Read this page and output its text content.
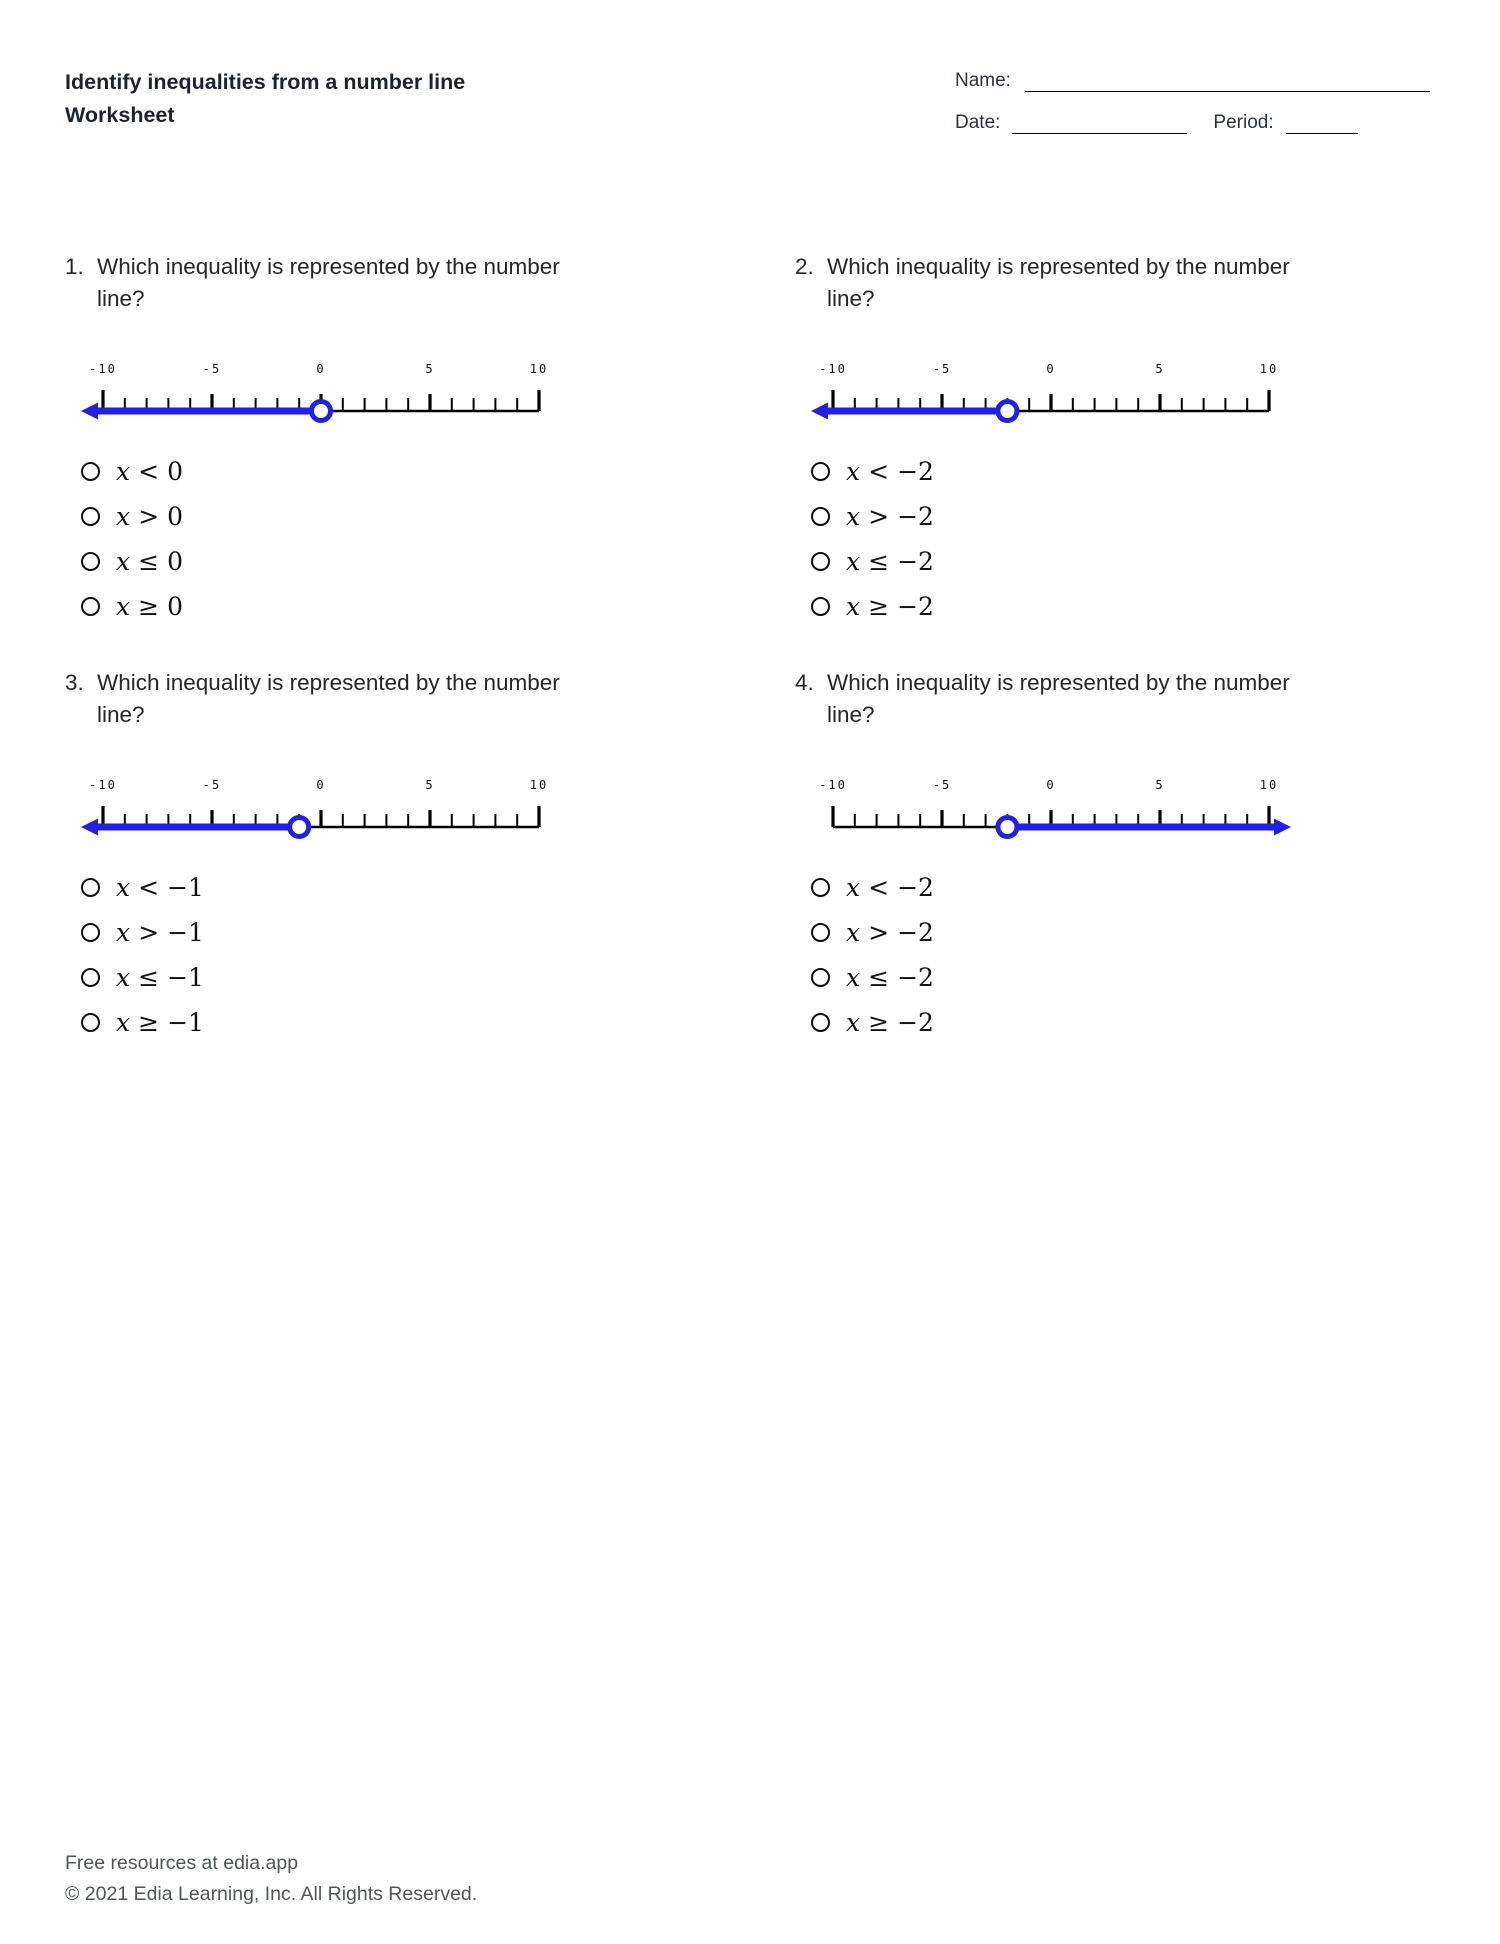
Identify inequalities from a number line
Worksheet
Name:
Date:	Period:
1. Which inequality is represented by the number line?
-10	-5	0	5	10
x < 0
x > 0
x ≤ 0
x ≥ 0
2. Which inequality is represented by the number line?
-10	-5	0	5	10
x < −2
x > −2
x ≤ −2
x ≥ −2
3. Which inequality is represented by the number line?
-10	-5	0	5	10
x < −1
x > −1
x ≤ −1
x ≥ −1
4. Which inequality is represented by the number line?
-10	-5	0	5	10
x < −2
x > −2
x ≤ −2
x ≥ −2
Free resources at edia.app
© 2021 Edia Learning, Inc. All Rights Reserved.
